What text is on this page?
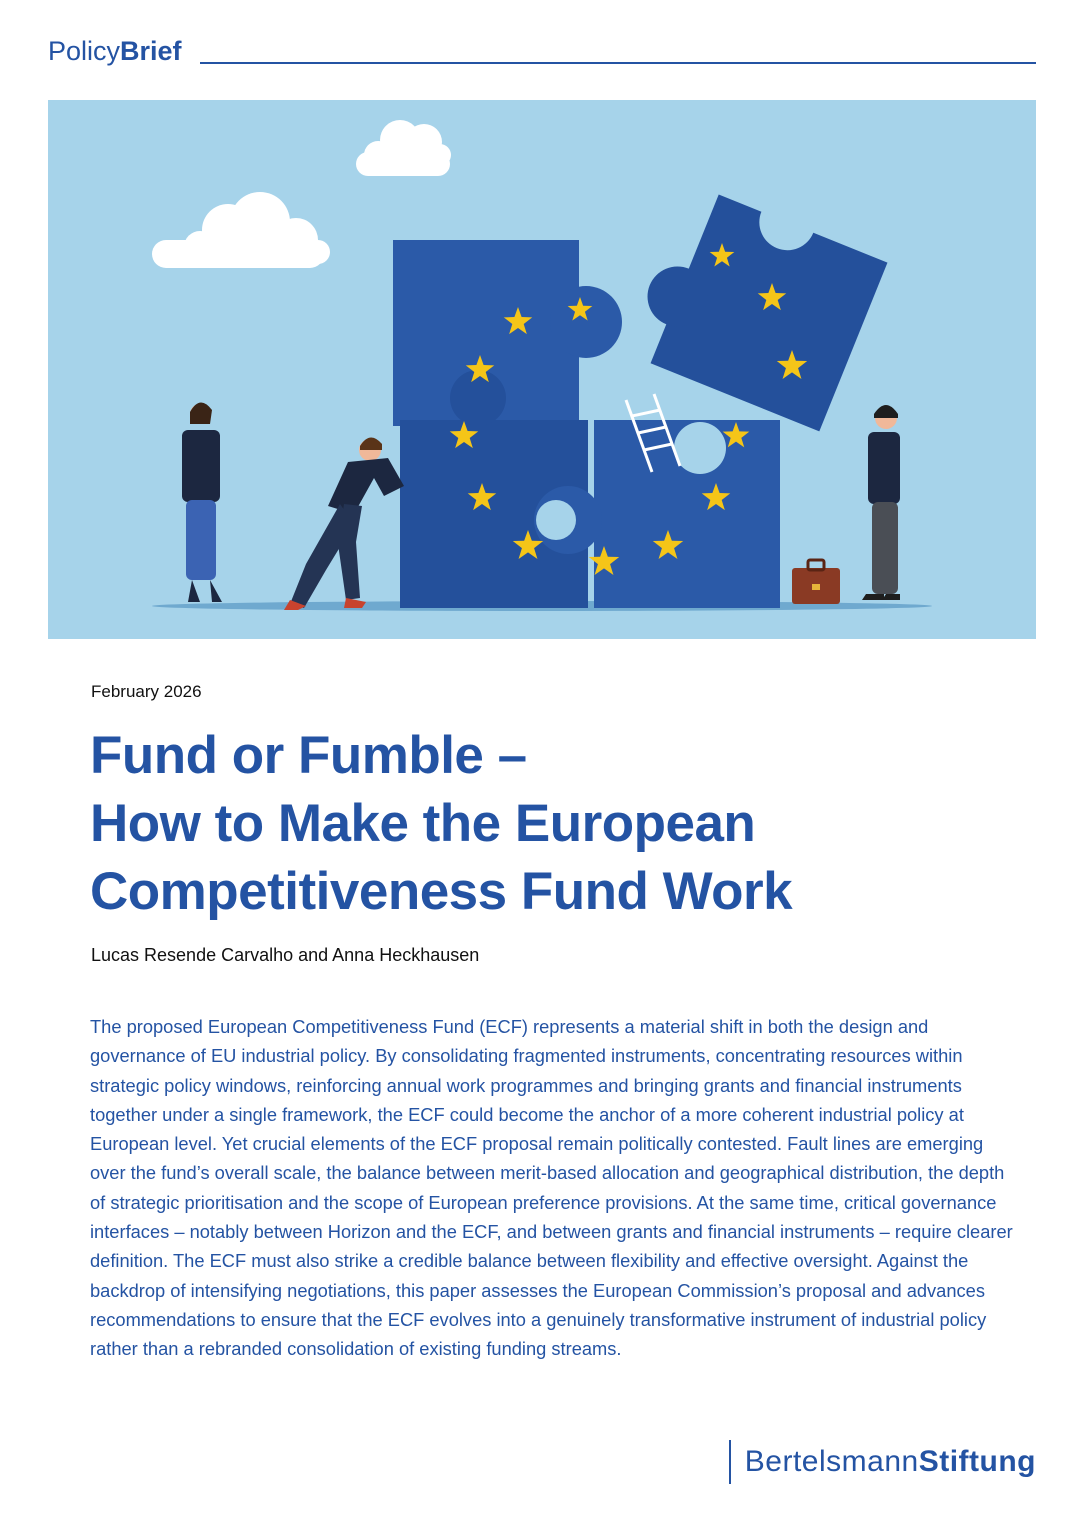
PolicyBrief
February 2026
Fund or Fumble –
How to Make the European
Competitiveness Fund Work
Lucas Resende Carvalho and Anna Heckhausen

The proposed European Competitiveness Fund (ECF) represents a material shift in both the design and governance of EU industrial policy. By consolidating fragmented instruments, concentrating resources within strategic policy windows, reinforcing annual work programmes and bringing grants and financial instruments together under a single framework, the ECF could become the anchor of a more coherent industrial policy at European level. Yet crucial elements of the ECF proposal remain politically contested. Fault lines are emerging over the fund’s overall scale, the balance between merit-based allocation and geographical distribution, the depth of strategic prioritisation and the scope of European preference provisions. At the same time, critical governance interfaces – notably between Horizon and the ECF, and between grants and financial instruments – require clearer definition. The ECF must also strike a credible balance between flexibility and effective oversight. Against the backdrop of intensifying negotiations, this paper assesses the European Commission’s proposal and advances recommendations to ensure that the ECF evolves into a genuinely transformative instrument of industrial policy rather than a rebranded consolidation of existing funding streams.

BertelsmannStiftung
